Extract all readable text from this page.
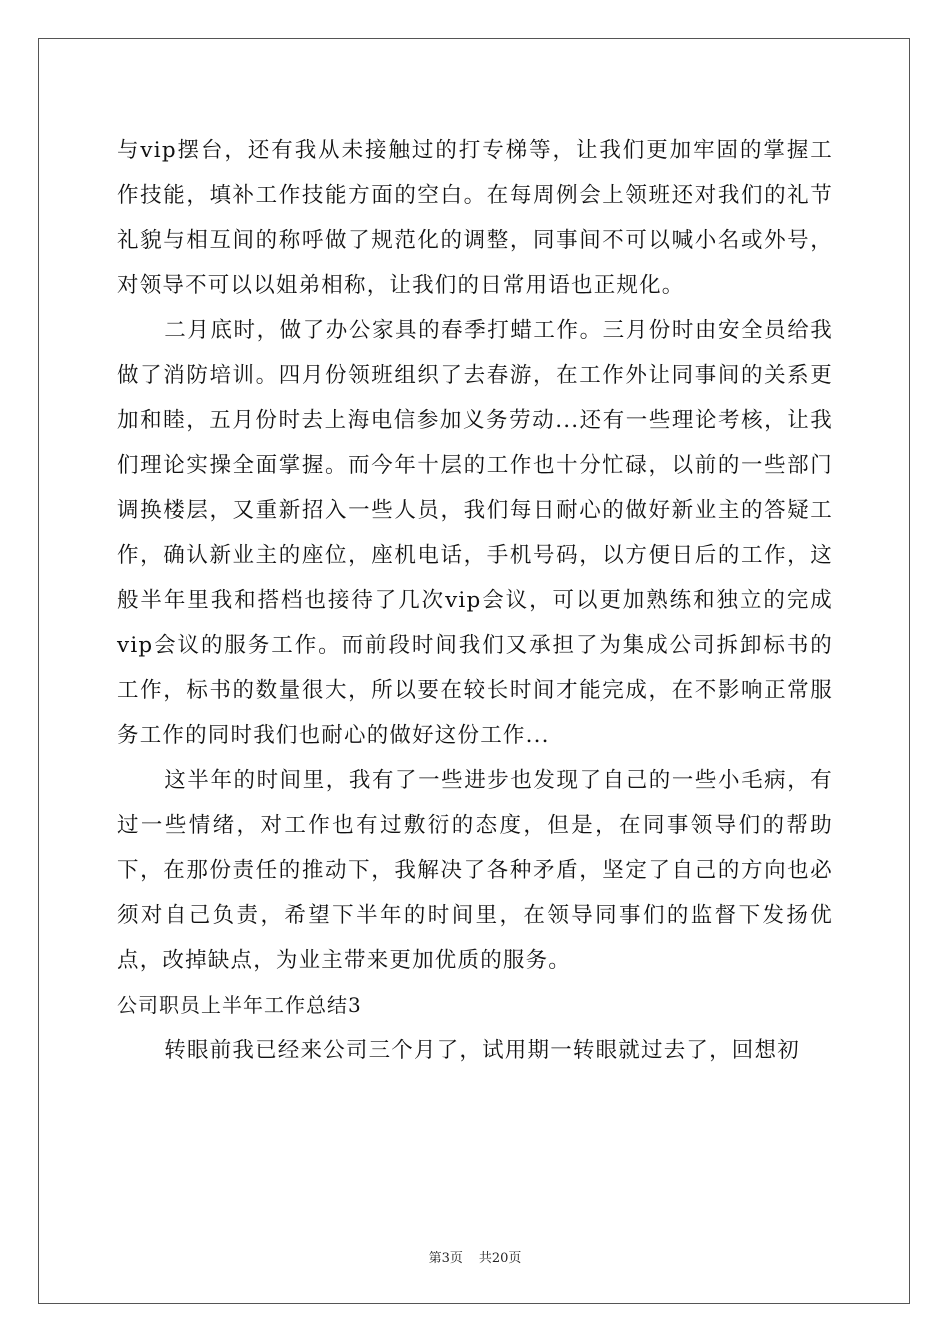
与vip摆台，还有我从未接触过的打专梯等，让我们更加牢固的掌握工作技能，填补工作技能方面的空白。在每周例会上领班还对我们的礼节礼貌与相互间的称呼做了规范化的调整，同事间不可以喊小名或外号，对领导不可以以姐弟相称，让我们的日常用语也正规化。

二月底时，做了办公家具的春季打蜡工作。三月份时由安全员给我做了消防培训。四月份领班组织了去春游，在工作外让同事间的关系更加和睦，五月份时去上海电信参加义务劳动...还有一些理论考核，让我们理论实操全面掌握。而今年十层的工作也十分忙碌，以前的一些部门调换楼层，又重新招入一些人员，我们每日耐心的做好新业主的答疑工作，确认新业主的座位，座机电话，手机号码，以方便日后的工作，这般半年里我和搭档也接待了几次vip会议，可以更加熟练和独立的完成vip会议的服务工作。而前段时间我们又承担了为集成公司拆卸标书的工作，标书的数量很大，所以要在较长时间才能完成，在不影响正常服务工作的同时我们也耐心的做好这份工作...

这半年的时间里，我有了一些进步也发现了自己的一些小毛病，有过一些情绪，对工作也有过敷衍的态度，但是，在同事领导们的帮助下，在那份责任的推动下，我解决了各种矛盾，坚定了自己的方向也必须对自己负责，希望下半年的时间里，在领导同事们的监督下发扬优点，改掉缺点，为业主带来更加优质的服务。

公司职员上半年工作总结3

转眼前我已经来公司三个月了，试用期一转眼就过去了，回想初

第3页 共20页
